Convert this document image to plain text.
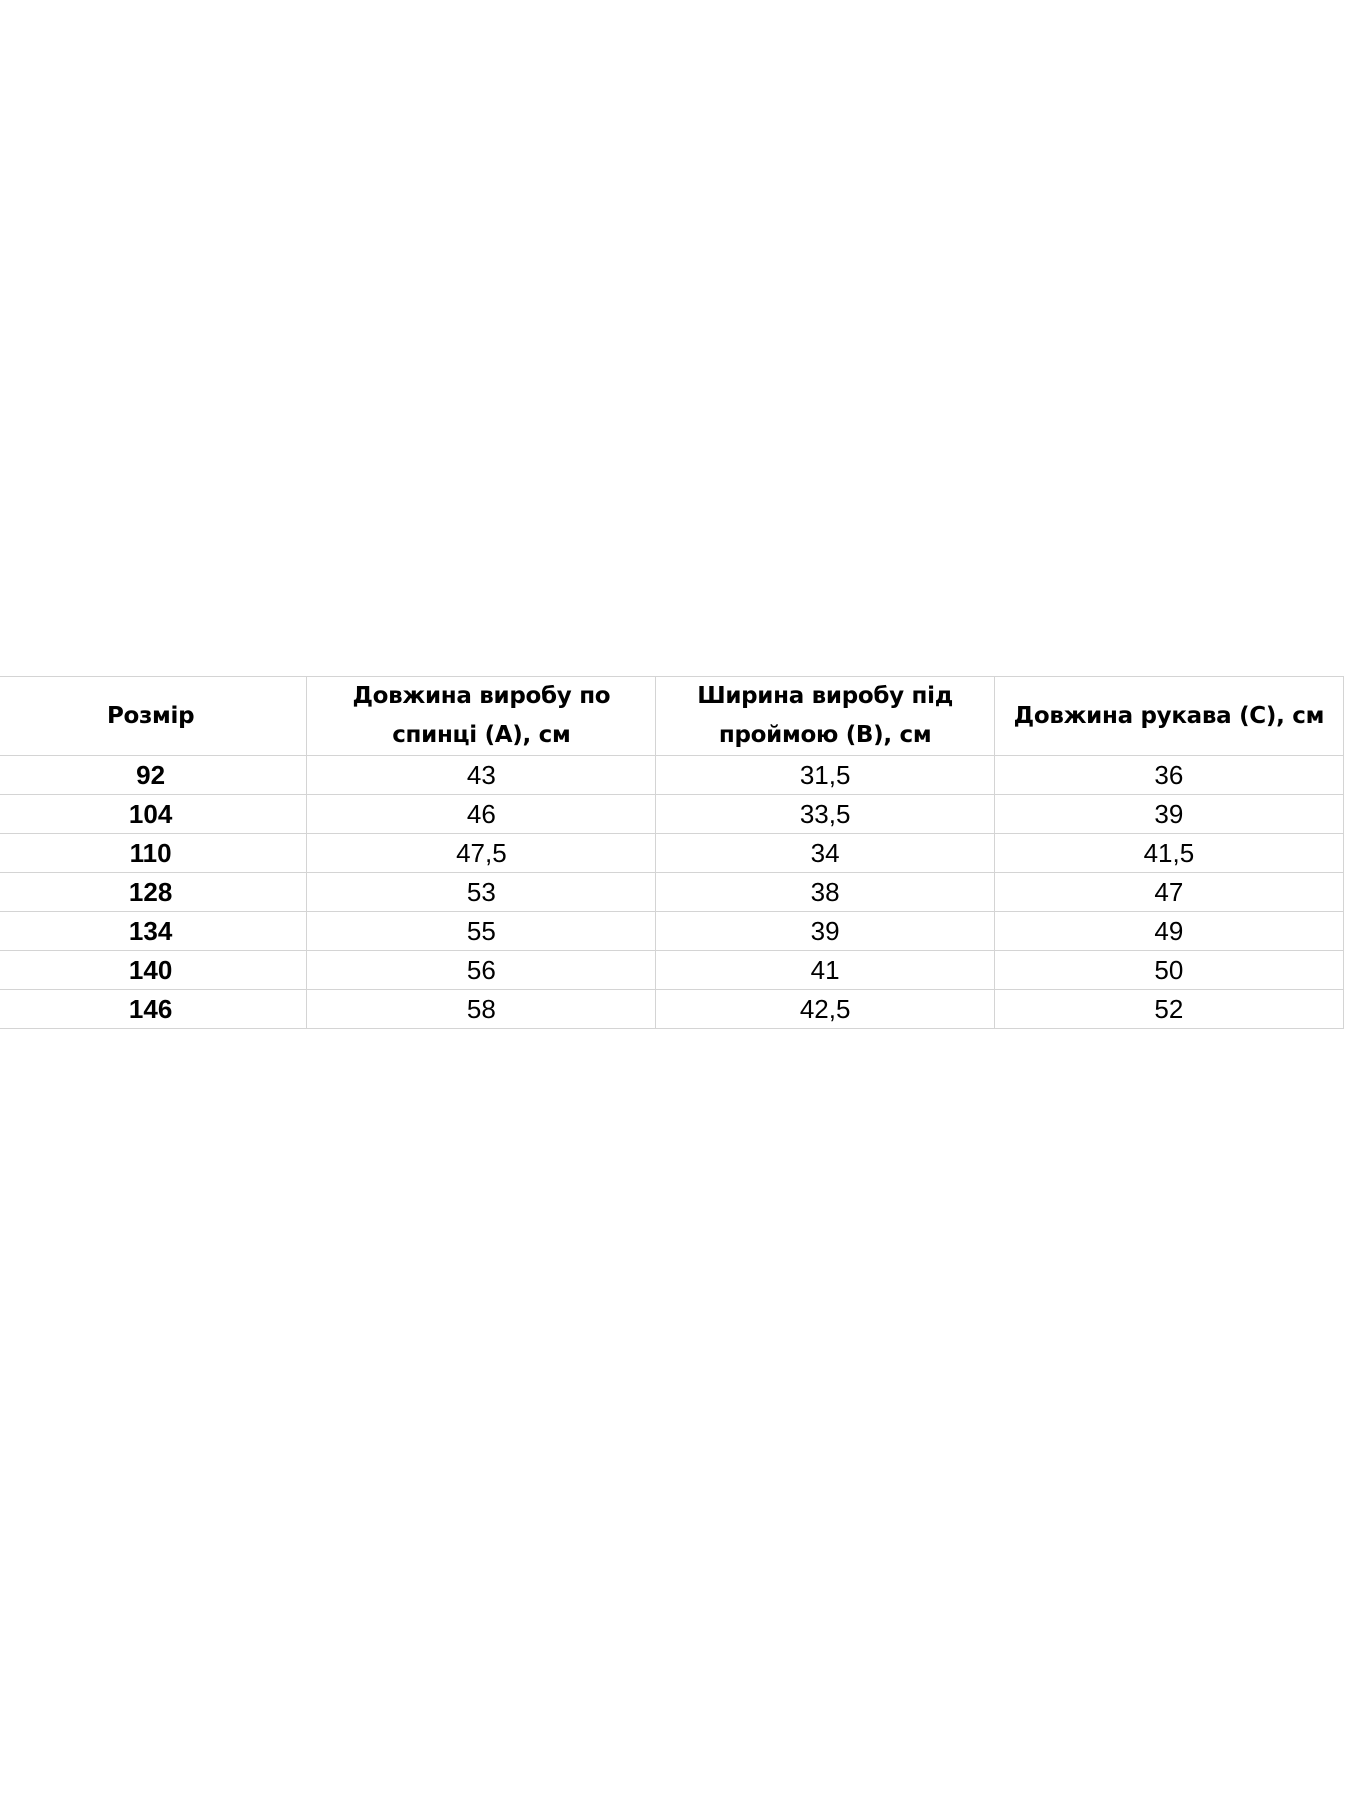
Розмір	Довжина виробу по спинці (А), см	Ширина виробу під проймою (В), см	Довжина рукава (С), см
92	43	31,5	36
104	46	33,5	39
110	47,5	34	41,5
128	53	38	47
134	55	39	49
140	56	41	50
146	58	42,5	52
